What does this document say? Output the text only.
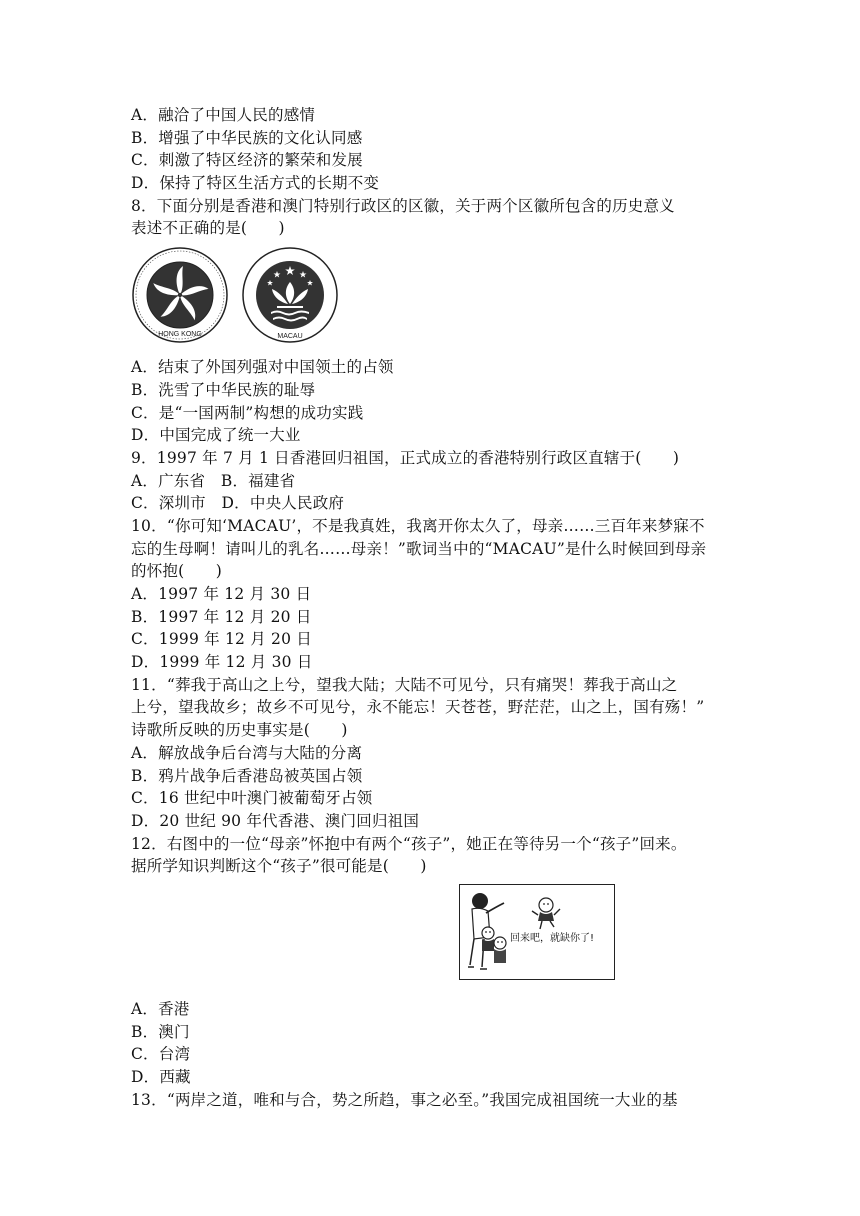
A．融洽了中国人民的感情
B．增强了中华民族的文化认同感
C．刺激了特区经济的繁荣和发展
D．保持了特区生活方式的长期不变
8．下面分别是香港和澳门特别行政区的区徽，关于两个区徽所包含的历史意义
表述不正确的是(　　)
HONG KONG	MACAU
A．结束了外国列强对中国领土的占领
B．洗雪了中华民族的耻辱
C．是“一国两制”构想的成功实践
D．中国完成了统一大业
9．1997 年 7 月 1 日香港回归祖国，正式成立的香港特别行政区直辖于(　　)
A．广东省　B．福建省
C．深圳市　D．中央人民政府
10．“你可知‘MACAU’，不是我真姓，我离开你太久了，母亲……三百年来梦寐不
忘的生母啊！请叫儿的乳名……母亲！”歌词当中的“MACAU”是什么时候回到母亲
的怀抱(　　)
A．1997 年 12 月 30 日
B．1997 年 12 月 20 日
C．1999 年 12 月 20 日
D．1999 年 12 月 30 日
11．“葬我于高山之上兮，望我大陆；大陆不可见兮，只有痛哭！葬我于高山之
上兮，望我故乡；故乡不可见兮，永不能忘！天苍苍，野茫茫，山之上，国有殇！”
诗歌所反映的历史事实是(　　)
A．解放战争后台湾与大陆的分离
B．鸦片战争后香港岛被英国占领
C．16 世纪中叶澳门被葡萄牙占领
D．20 世纪 90 年代香港、澳门回归祖国
12．右图中的一位“母亲”怀抱中有两个“孩子”，她正在等待另一个“孩子”回来。
据所学知识判断这个“孩子”很可能是(　　)
回来吧，就缺你了!
A．香港
B．澳门
C．台湾
D．西藏
13．“两岸之道，唯和与合，势之所趋，事之必至。”我国完成祖国统一大业的基
